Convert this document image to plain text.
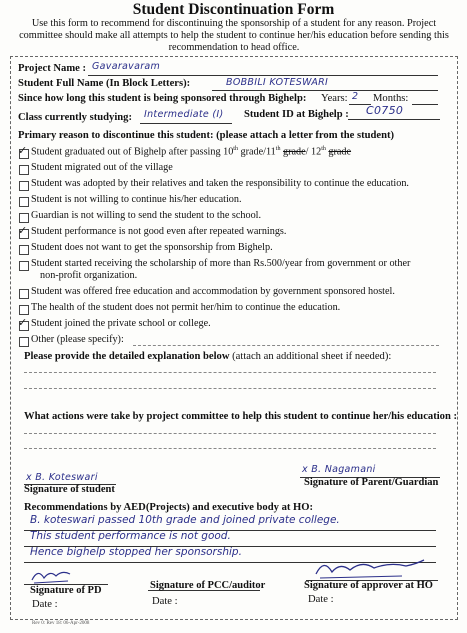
Student Discontinuation Form
Use this form to recommend for discontinuing the sponsorship of a student for any reason. Project
committee should make all attempts to help the student to continue her/his education before sending this
recommendation to head office.
Project Name : Gavaravaram
Student Full Name (In Block Letters):	BOBBILI KOTESWARI
Since how long this student is being sponsored through Bighelp: Years: 2 Months:
Class currently studying: Intermediate (I) Student ID at Bighelp : C0750
Primary reason to discontinue this student: (please attach a letter from the student)
✓ Student graduated out of Bighelp after passing 10th grade/11th grade/ 12th grade
Student migrated out of the village
Student was adopted by their relatives and taken the responsibility to continue the education.
Student is not willing to continue his/her education.
Guardian is not willing to send the student to the school.
✓ Student performance is not good even after repeated warnings.
Student does not want to get the sponsorship from Bighelp.
Student started receiving the scholarship of more than Rs.500/year from government or other
non-profit organization.
Student was offered free education and accommodation by government sponsored hostel.
The health of the student does not permit her/him to continue the education.
✓ Student joined the private school or college.
Other (please specify):
Please provide the detailed explanation below (attach an additional sheet if needed):
What actions were take by project committee to help this student to continue her/his education :
x B. Koteswari
Signature of student
x B. Nagamani
Signature of Parent/Guardian
Recommendations by AED(Projects) and executive body at HO:
B. koteswari passed 10th grade and joined private college.
This student performance is not good.
Hence bighelp stopped her sponsorship.
Signature of PD
Date :
Signature of PCC/auditor
Date :
Signature of approver at HO
Date :
Rev 0: Rev 18: 06-Apr-2008
